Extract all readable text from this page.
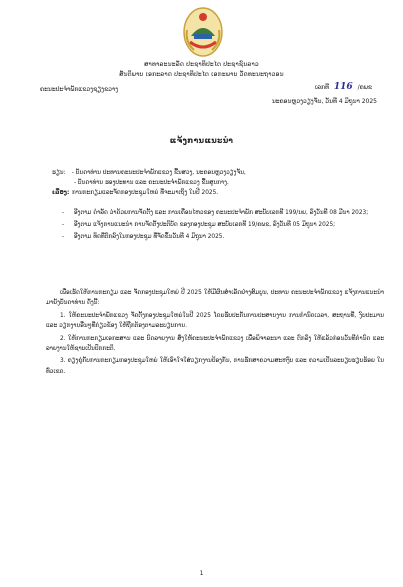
ສາທາລະນະລັດ ປະຊາທິປະໄຕ ປະຊາຊົນລາວ
ສັນຕິພາບ ເອກະລາດ ປະຊາທິປະໄຕ ເອກະພາບ ວັດທະນະຖາວອນ
ຄະນະປະຈໍາພັກແຂວງຊຽງຂວາງ	ເລກທີ 116 /ຄພຂ
ນະຄອນຫຼວງວຽງຈັນ, ວັນທີ 4 ມິຖຸນາ 2025
ແຈ້ງການແນະນຳ
ຮຽນ: - ບັນດາທ່ານ ປະທານຄະນະປະຈໍາພັກແຂວງ ຂື້ນສວງ, ນະຄອນຫຼວງວຽງຈັນ,
- ບັນດາທ່ານ ຮອງປະທານ ແລະ ຄະນະປະຈໍາພັກແຂວງ ຂື້ນສູນກາງ.
ເລື່ອງ: ການກະກຽມແລະຈັດກອງປະຊຸມໃຫຍ່ ທີ່ຈະມາເຖິງ ໃນປີ 2025.
- ອີງຕາມ ດຳລັດ ວ່າດ້ວຍການຈັດຕັ້ງ ແລະ ການເຄື່ອນໄຫວຂອງ ຄະນະປະຈໍາພັກ ສະບັບເລກທີ 199/ນຍ, ລົງວັນທີ 08 ມີນາ 2023;
- ອີງຕາມ ແຈ້ງການແນະນຳ ການຈັດຕັ້ງປະຕິບັດ ຂອງກອງປະຊຸມ ສະບັບເລກທີ 19/ຄພຂ, ລົງວັນທີ 05 ມິຖຸນາ 2025;
- ອີງຕາມ ທິດທີ່ຕົກລົງໃນກອງປະຊຸມ ທີ່ຈັດຂຶ້ນວັນທີ 4 ມິຖຸນາ 2025.

ເພື່ອເຮັດໃຫ້ການກະກຽມ ແລະ ຈັດກອງປະຊຸມໃຫຍ່ ປີ 2025 ໃຫ້ມີຜົນສໍາເລັດຢ່າງສົມບູນ, ປະທານ ຄະນະປະຈໍາພັກແຂວງ ແຈ້ງການແນະນຳມາຍັງບັນດາທ່ານ ດັ່ງນີ້:

1. ໃຫ້ຄະນະປະຈຳພັກແຂວງ ຈັດຕັ້ງກອງປະຊຸມໃຫຍ່ໃນປີ 2025 ໂດຍຮັບປະກັນການປະສານງານ ການກຳນົດເວລາ, ສະຖານທີ່, ງົບປະມານ ແລະ ວຽກງານອື່ນໆທີ່ກ່ຽວຂ້ອງ ໃຫ້ຖືກຕ້ອງຕາມລະບຽບການ.

2. ໃຫ້ການກະກຽມເອກະສານ ແລະ ບົດລາຍງານ ສົ່ງໃຫ້ຄະນະປະຈຳພັກແຂວງ ເພື່ອພິຈາລະນາ ແລະ ຕົກລົງ ໃຫ້ແລ້ວກ່ອນວັນທີກຳນົດ ແລະ ລາຍງານໃຫ້ຊາບເປັນປົກກະຕິ.

3. ຄຽງຄູ່ກັບການກະກຽມກອງປະຊຸມໃຫຍ່ ໃຫ້ເອົາໃຈໃສ່ວຽກງານປ້ອງກັນ, ການຮັກສາຄວາມສະຫງົບ ແລະ ຄວາມເປັນລະບຽບຮຽບຮ້ອຍ ໃນທົ່ວເຂດ.

1
